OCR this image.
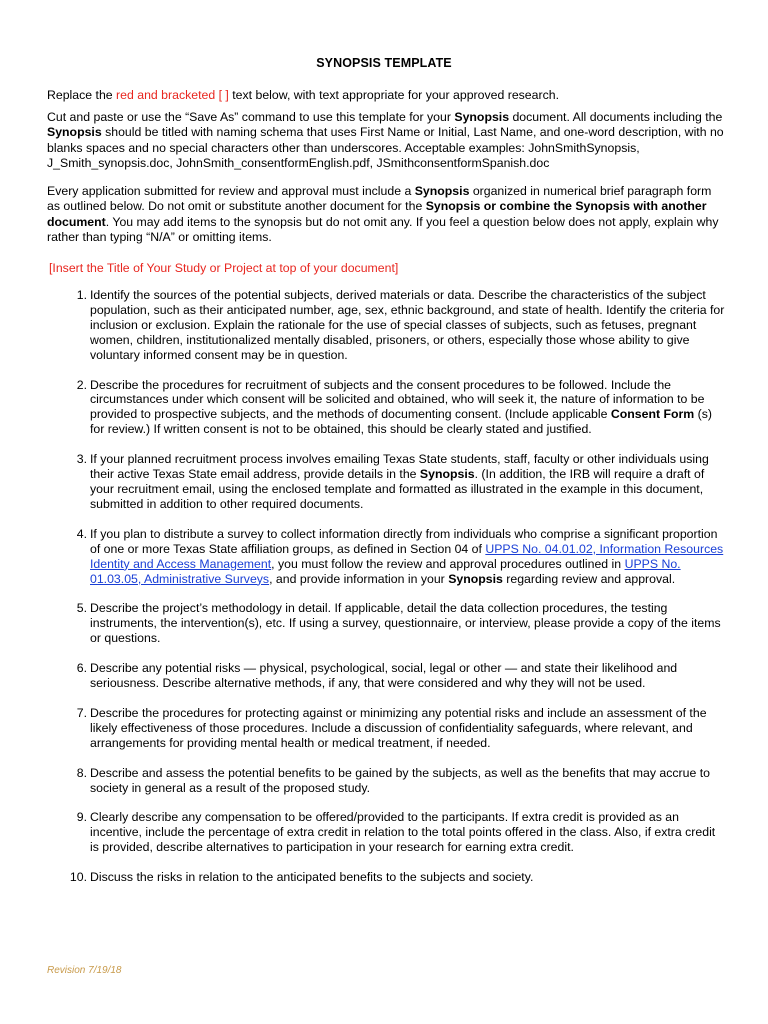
SYNOPSIS TEMPLATE
Replace the red and bracketed [ ] text below, with text appropriate for your approved research.
Cut and paste or use the “Save As” command to use this template for your Synopsis document. All documents including the Synopsis should be titled with naming schema that uses First Name or Initial, Last Name, and one-word description, with no blanks spaces and no special characters other than underscores. Acceptable examples: JohnSmithSynopsis, J_Smith_synopsis.doc, JohnSmith_consentformEnglish.pdf, JSmithconsentformSpanish.doc
Every application submitted for review and approval must include a Synopsis organized in numerical brief paragraph form as outlined below. Do not omit or substitute another document for the Synopsis or combine the Synopsis with another document. You may add items to the synopsis but do not omit any. If you feel a question below does not apply, explain why rather than typing “N/A” or omitting items.
[Insert the Title of Your Study or Project at top of your document]
1. Identify the sources of the potential subjects, derived materials or data. Describe the characteristics of the subject population, such as their anticipated number, age, sex, ethnic background, and state of health. Identify the criteria for inclusion or exclusion. Explain the rationale for the use of special classes of subjects, such as fetuses, pregnant women, children, institutionalized mentally disabled, prisoners, or others, especially those whose ability to give voluntary informed consent may be in question.
2. Describe the procedures for recruitment of subjects and the consent procedures to be followed. Include the circumstances under which consent will be solicited and obtained, who will seek it, the nature of information to be provided to prospective subjects, and the methods of documenting consent. (Include applicable Consent Form (s) for review.) If written consent is not to be obtained, this should be clearly stated and justified.
3. If your planned recruitment process involves emailing Texas State students, staff, faculty or other individuals using their active Texas State email address, provide details in the Synopsis. (In addition, the IRB will require a draft of your recruitment email, using the enclosed template and formatted as illustrated in the example in this document, submitted in addition to other required documents.
4. If you plan to distribute a survey to collect information directly from individuals who comprise a significant proportion of one or more Texas State affiliation groups, as defined in Section 04 of UPPS No. 04.01.02, Information Resources Identity and Access Management, you must follow the review and approval procedures outlined in UPPS No. 01.03.05, Administrative Surveys, and provide information in your Synopsis regarding review and approval.
5. Describe the project’s methodology in detail. If applicable, detail the data collection procedures, the testing instruments, the intervention(s), etc. If using a survey, questionnaire, or interview, please provide a copy of the items or questions.
6. Describe any potential risks — physical, psychological, social, legal or other — and state their likelihood and seriousness. Describe alternative methods, if any, that were considered and why they will not be used.
7. Describe the procedures for protecting against or minimizing any potential risks and include an assessment of the likely effectiveness of those procedures. Include a discussion of confidentiality safeguards, where relevant, and arrangements for providing mental health or medical treatment, if needed.
8. Describe and assess the potential benefits to be gained by the subjects, as well as the benefits that may accrue to society in general as a result of the proposed study.
9. Clearly describe any compensation to be offered/provided to the participants. If extra credit is provided as an incentive, include the percentage of extra credit in relation to the total points offered in the class. Also, if extra credit is provided, describe alternatives to participation in your research for earning extra credit.
10. Discuss the risks in relation to the anticipated benefits to the subjects and society.
Revision 7/19/18
